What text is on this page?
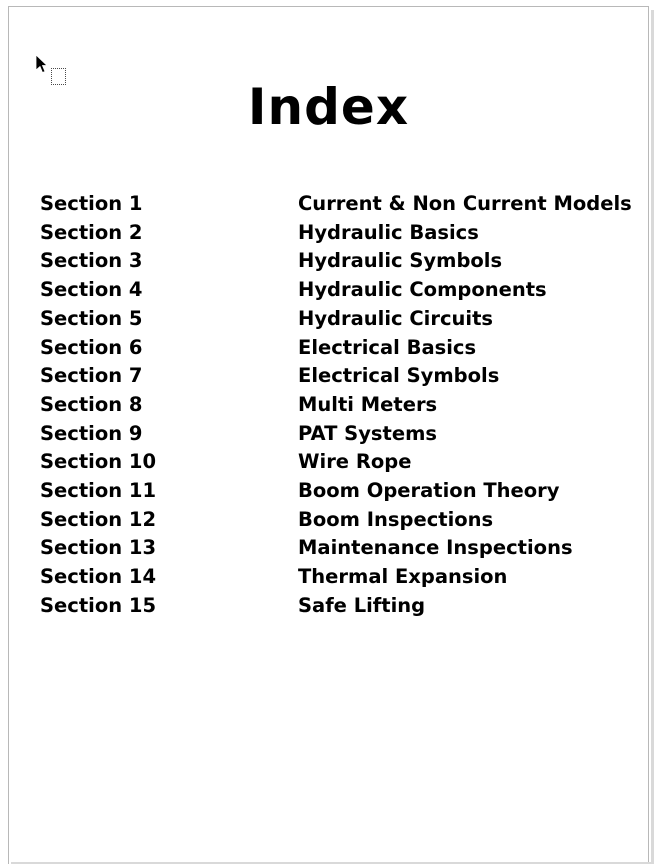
Index
Section 1	Current & Non Current Models
Section 2	Hydraulic Basics
Section 3	Hydraulic Symbols
Section 4	Hydraulic Components
Section 5	Hydraulic Circuits
Section 6	Electrical Basics
Section 7	Electrical Symbols
Section 8	Multi Meters
Section 9	PAT Systems
Section 10	Wire Rope
Section 11	Boom Operation Theory
Section 12	Boom Inspections
Section 13	Maintenance Inspections
Section 14	Thermal Expansion
Section 15	Safe Lifting
